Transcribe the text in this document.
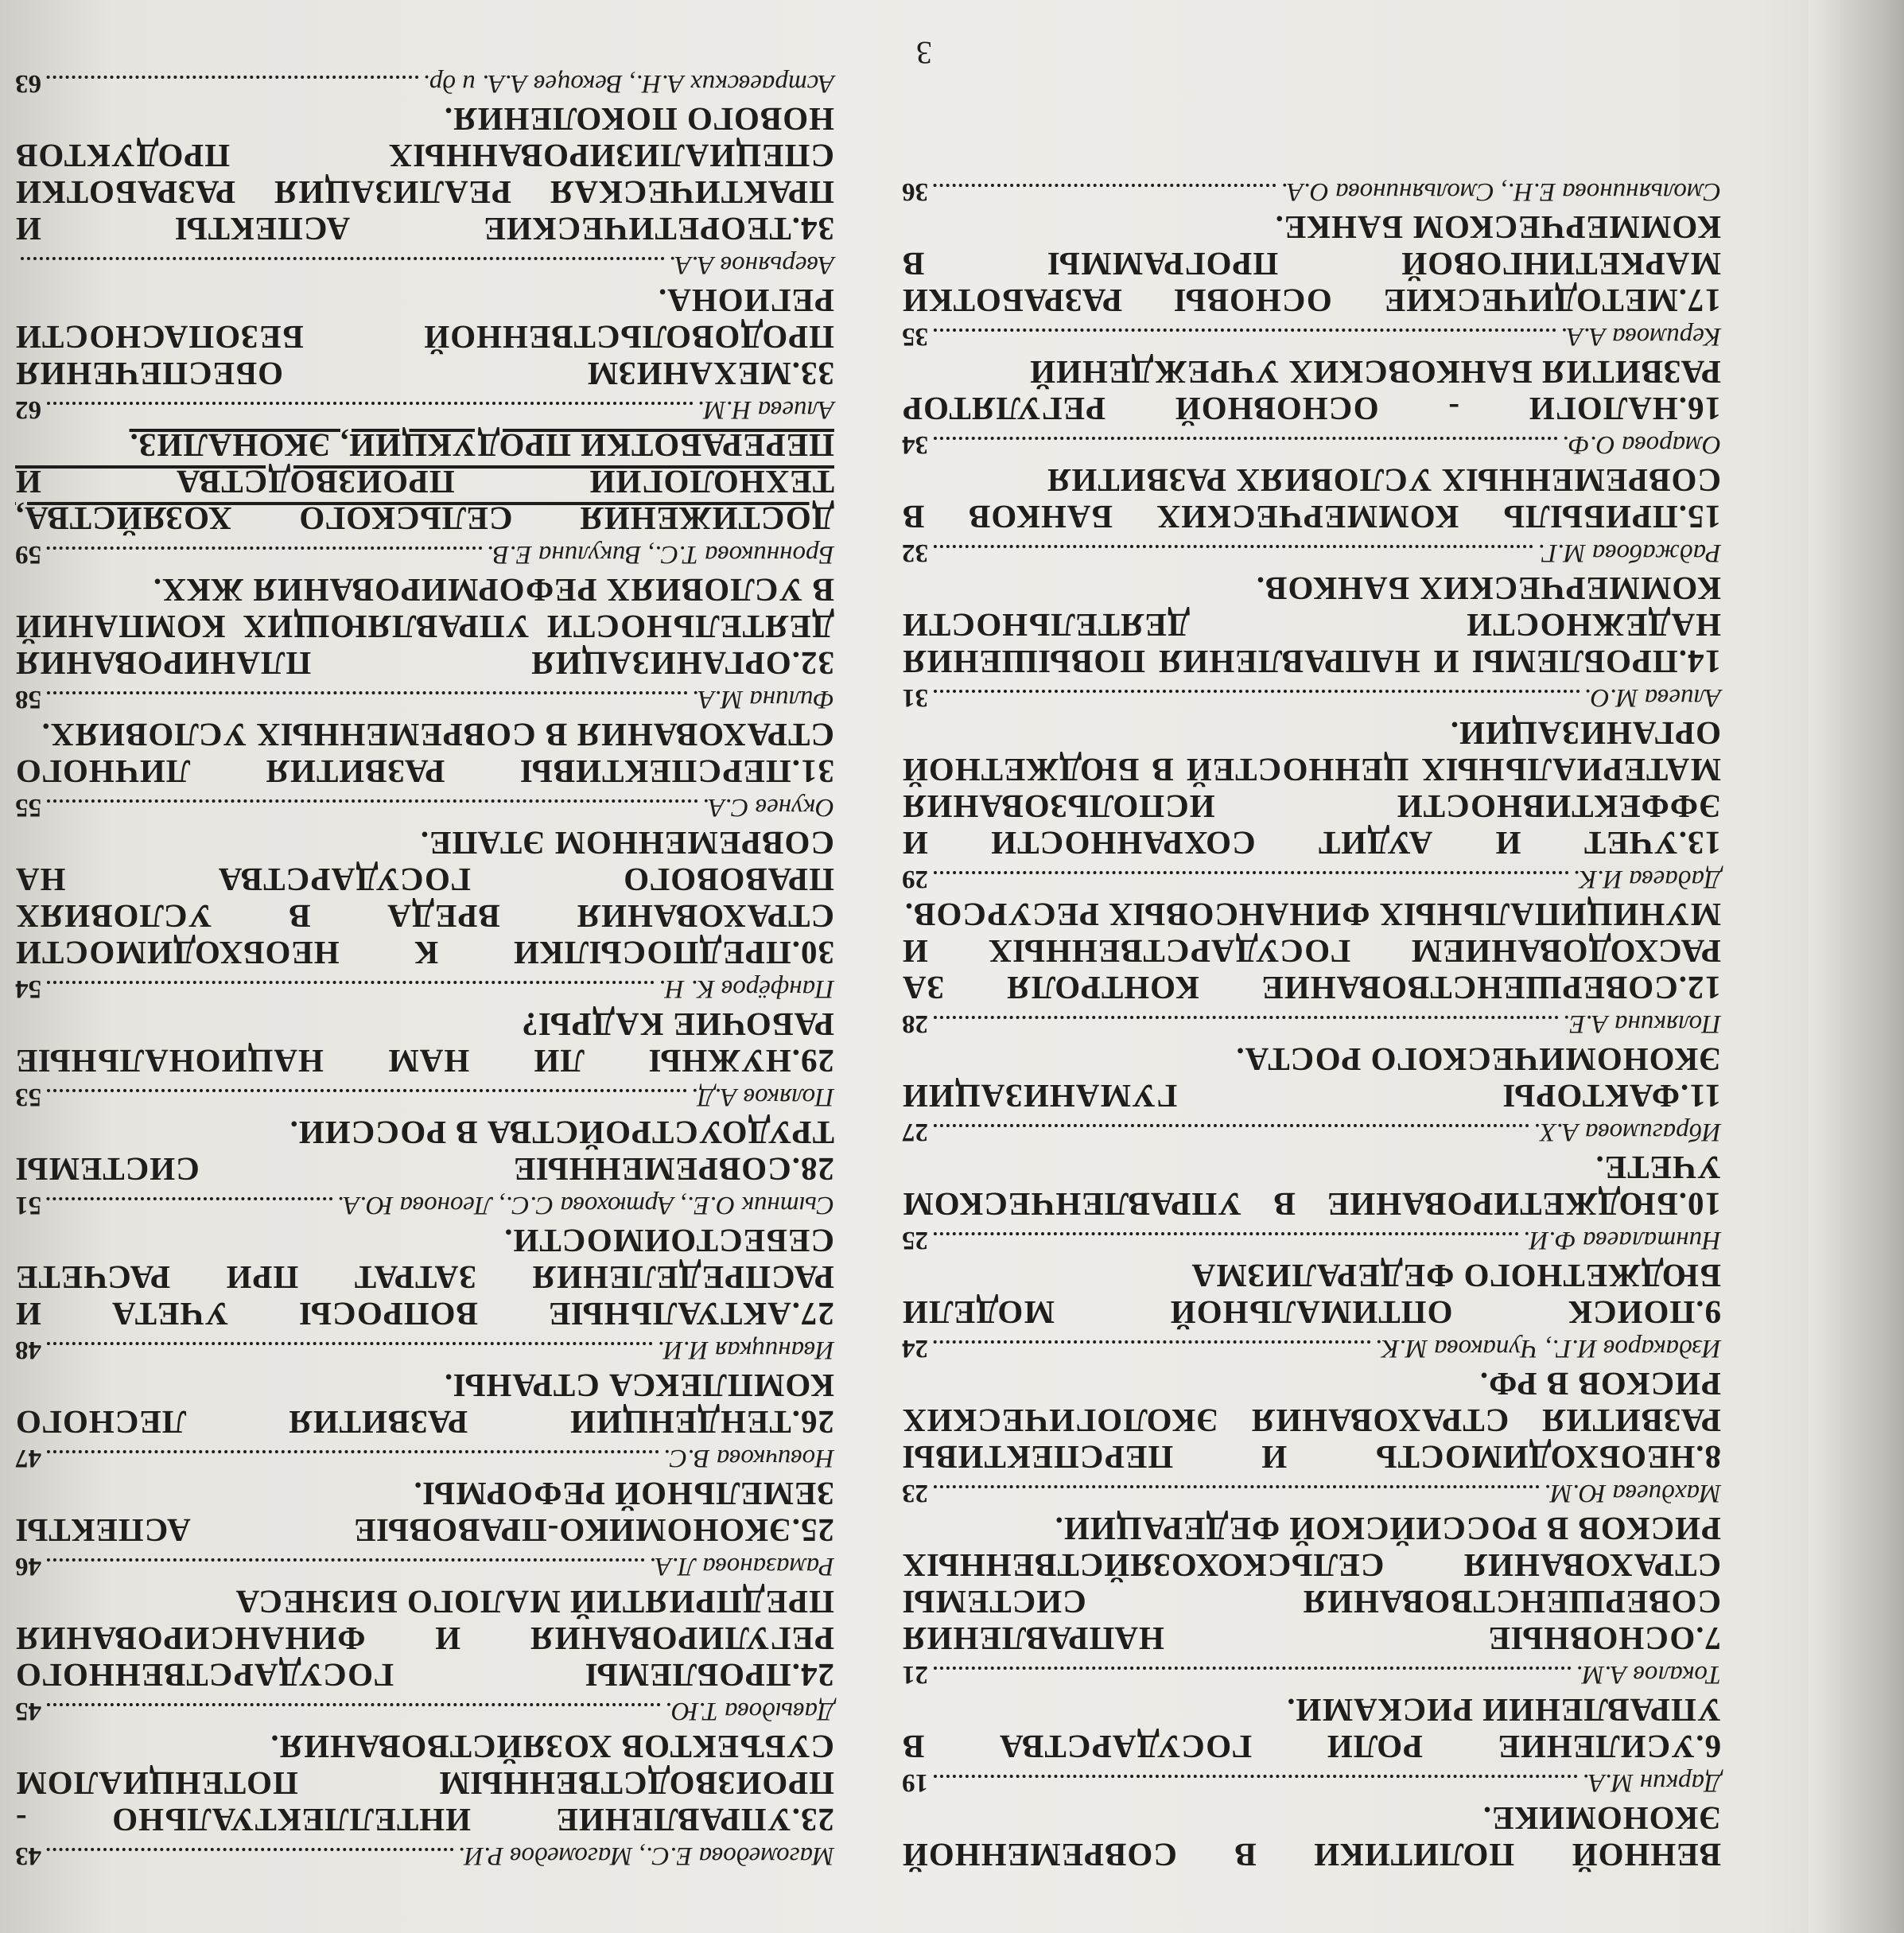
ВЕННОЙ ПОЛИТИКИ В СОВРЕМЕННОЙ ЭКОНОМИКЕ.
Даркин М.А.
19
6.УСИЛЕНИЕ РОЛИ ГОСУДАРСТВА В УПРАВЛЕНИИ РИСКАМИ.
Токалов А.М.
21
7.ОСНОВНЫЕ НАПРАВЛЕНИЯ СОВЕРШЕНСТВОВАНИЯ СИСТЕМЫ СТРАХОВАНИЯ СЕЛЬСКОХОЗЯЙСТВЕННЫХ РИСКОВ В РОССИЙСКОЙ ФЕДЕРАЦИИ.
Махдиева Ю.М.
23
8.НЕОБХОДИМОСТЬ И ПЕРСПЕКТИВЫ РАЗВИТИЯ СТРАХОВАНИЯ ЭКОЛОГИЧЕСКИХ РИСКОВ В РФ.
Издакаров И.Г., Чупакова М.К.
24
9.ПОИСК ОПТИМАЛЬНОЙ МОДЕЛИ БЮДЖЕТНОГО ФЕДЕРАЛИЗМА
Нинталаева Ф.И.
25
10.БЮДЖЕТИРОВАНИЕ В УПРАВЛЕНЧЕСКОМ УЧЕТЕ.
Ибрагимова А.Х.
27
11.ФАКТОРЫ ГУМАНИЗАЦИИ ЭКОНОМИЧЕСКОГО РОСТА.
Полякина А.Е.
28
12.СОВЕРШЕНСТВОВАНИЕ КОНТРОЛЯ ЗА РАСХОДОВАНИЕМ ГОСУДАРСТВЕННЫХ И МУНИЦИПАЛЬНЫХ ФИНАНСОВЫХ РЕСУРСОВ.
Дадаева И.К.
29
13.УЧЕТ И АУДИТ СОХРАННОСТИ И ЭФФЕКТИВНОСТИ ИСПОЛЬЗОВАНИЯ МАТЕРИАЛЬНЫХ ЦЕННОСТЕЙ В БЮДЖЕТНОЙ ОРГАНИЗАЦИИ.
Алиева М.О.
31
14.ПРОБЛЕМЫ И НАПРАВЛЕНИЯ ПОВЫШЕНИЯ НАДЕЖНОСТИ ДЕЯТЕЛЬНОСТИ КОММЕРЧЕСКИХ БАНКОВ.
Раджабова М.Г.
32
15.ПРИБЫЛЬ КОММЕРЧЕСКИХ БАНКОВ В СОВРЕМЕННЫХ УСЛОВИЯХ РАЗВИТИЯ
Омарова О.Ф.
34
16.НАЛОГИ - ОСНОВНОЙ РЕГУЛЯТОР РАЗВИТИЯ БАНКОВСКИХ УЧРЕЖДЕНИЙ
Керимова А.А.
35
17.МЕТОДИЧЕСКИЕ ОСНОВЫ РАЗРАБОТКИ МАРКЕТИНГОВОЙ ПРОГРАММЫ В КОММЕРЧЕСКОМ БАНКЕ.
Смольянинова Е.Н., Смольянинова О.А.
36
Магомедова Е.С., Магомедов Р.И.
43
23.УПРАВЛЕНИЕ ИНТЕЛЛЕКТУАЛЬНО - ПРОИЗВОДСТВЕННЫМ ПОТЕНЦИАЛОМ СУБЪЕКТОВ ХОЗЯЙСТВОВАНИЯ.
Давыдова Т.Ю.
45
24.ПРОБЛЕМЫ ГОСУДАРСТВЕННОГО РЕГУЛИРОВАНИЯ И ФИНАНСИРОВАНИЯ ПРЕДПРИЯТИЙ МАЛОГО БИЗНЕСА
Рамазанова Л.А.
46
25.ЭКОНОМИКО-ПРАВОВЫЕ АСПЕКТЫ ЗЕМЕЛЬНОЙ РЕФОРМЫ.
Новичкова В.С.
47
26.ТЕНДЕНЦИИ РАЗВИТИЯ ЛЕСНОГО КОМПЛЕКСА СТРАНЫ.
Иваницкая И.И.
48
27.АКТУАЛЬНЫЕ ВОПРОСЫ УЧЕТА И РАСПРЕДЕЛЕНИЯ ЗАТРАТ ПРИ РАСЧЕТЕ СЕБЕСТОИМОСТИ.
Сытник О.Е., Артюхова С.С., Леонова Ю.А.
51
28.СОВРЕМЕННЫЕ СИСТЕМЫ ТРУДОУСТРОЙСТВА В РОССИИ.
Поляков А.Д.
53
29.НУЖНЫ ЛИ НАМ НАЦИОНАЛЬНЫЕ РАБОЧИЕ КАДРЫ?
Панфёров К. Н.
54
30.ПРЕДПОСЫЛКИ К НЕОБХОДИМОСТИ СТРАХОВАНИЯ ВРЕДА В УСЛОВИЯХ ПРАВОВОГО ГОСУДАРСТВА НА СОВРЕМЕННОМ ЭТАПЕ.
Окунев С.А.
55
31.ПЕРСПЕКТИВЫ РАЗВИТИЯ ЛИЧНОГО СТРАХОВАНИЯ В СОВРЕМЕННЫХ УСЛОВИЯХ.
Филина М.А.
58
32.ОРГАНИЗАЦИЯ ПЛАНИРОВАНИЯ ДЕЯТЕЛЬНОСТИ УПРАВЛЯЮЩИХ КОМПАНИЙ В УСЛОВИЯХ РЕФОРМИРОВАНИЯ ЖКХ.
Бронникова Т.С., Викулина Е.В.
59
ДОСТИЖЕНИЯ СЕЛЬСКОГО ХОЗЯЙСТВА, ТЕХНОЛОГИИ ПРОИЗВОДСТВА И ПЕРЕРАБОТКИ ПРОДУКЦИИ, ЭКОНАЛИЗ.
Алиева Н.М.
62
33.МЕХАНИЗМ ОБЕСПЕЧЕНИЯ ПРОДОВОЛЬСТВЕННОЙ БЕЗОПАСНОСТИ РЕГИОНА.
Аверьянов А.А.
34.ТЕОРЕТИЧЕСКИЕ АСПЕКТЫ И ПРАКТИЧЕСКАЯ РЕАЛИЗАЦИЯ РАЗРАБОТКИ СПЕЦИАЛИЗИРОВАННЫХ ПРОДУКТОВ НОВОГО ПОКОЛЕНИЯ.
Астраевских А.Н., Векоцев А.А. и др.
63
3
